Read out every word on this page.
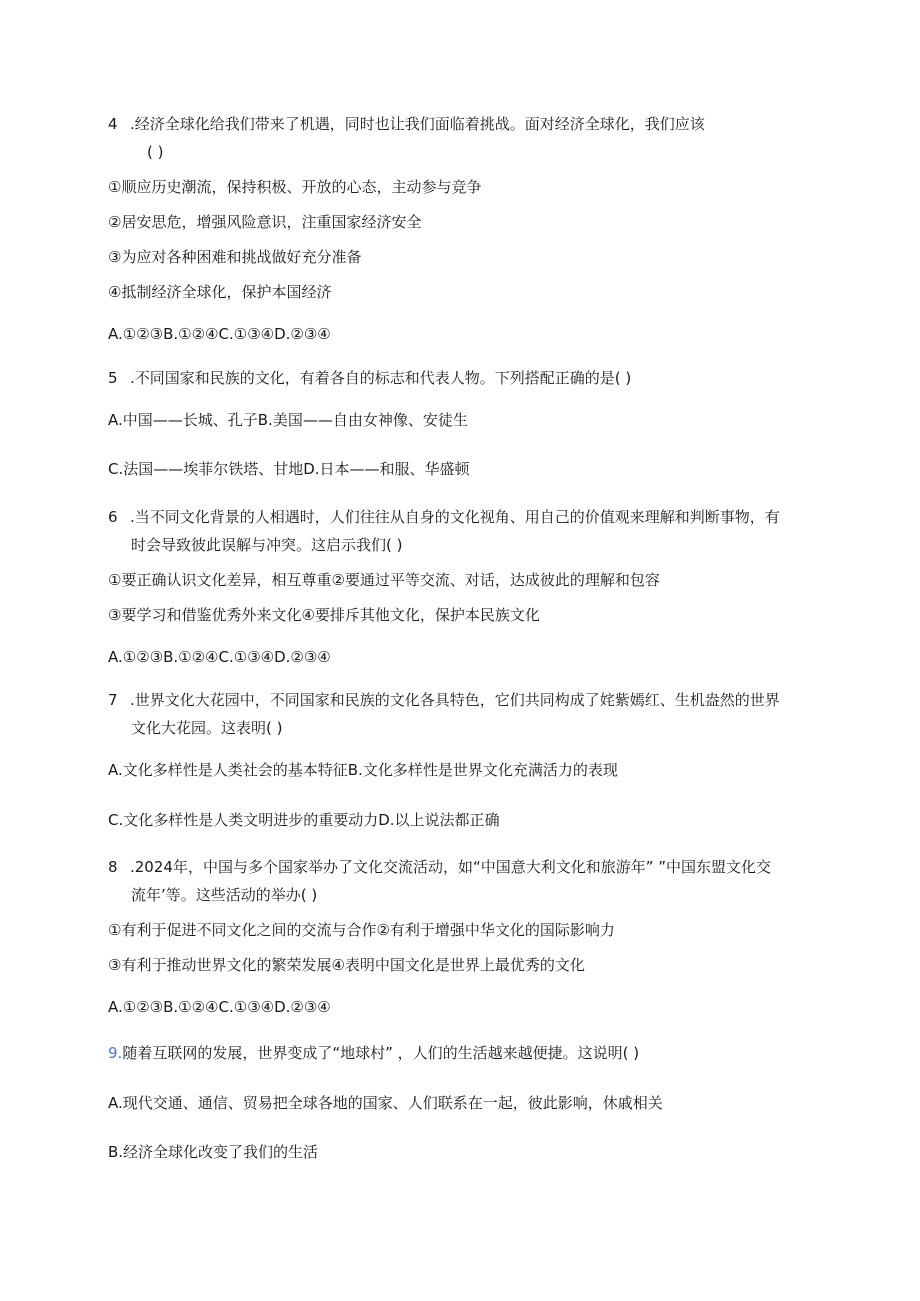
4 .经济全球化给我们带来了机遇，同时也让我们面临着挑战。面对经济全球化，我们应该
( )
①顺应历史潮流，保持积极、开放的心态，主动参与竞争
②居安思危，增强风险意识，注重国家经济安全
③为应对各种困难和挑战做好充分准备
④抵制经济全球化，保护本国经济
A.①②③B.①②④C.①③④D.②③④
5 .不同国家和民族的文化，有着各自的标志和代表人物。下列搭配正确的是( )
A.中国——长城、孔子B.美国——自由女神像、安徒生
C.法国——埃菲尔铁塔、甘地D.日本——和服、华盛顿
6 .当不同文化背景的人相遇时，人们往往从自身的文化视角、用自己的价值观来理解和判断事物，有
时会导致彼此误解与冲突。这启示我们( )
①要正确认识文化差异，相互尊重②要通过平等交流、对话，达成彼此的理解和包容
③要学习和借鉴优秀外来文化④要排斥其他文化，保护本民族文化
A.①②③B.①②④C.①③④D.②③④
7 .世界文化大花园中，不同国家和民族的文化各具特色，它们共同构成了姹紫嫣红、生机盎然的世界
文化大花园。这表明( )
A.文化多样性是人类社会的基本特征B.文化多样性是世界文化充满活力的表现
C.文化多样性是人类文明进步的重要动力D.以上说法都正确
8 .2024年，中国与多个国家举办了文化交流活动，如“中国意大利文化和旅游年” ”中国东盟文化交
流年’等。这些活动的举办( )
①有利于促进不同文化之间的交流与合作②有利于增强中华文化的国际影响力
③有利于推动世界文化的繁荣发展④表明中国文化是世界上最优秀的文化
A.①②③B.①②④C.①③④D.②③④
9.随着互联网的发展，世界变成了“地球村” ，人们的生活越来越便捷。这说明( )
A.现代交通、通信、贸易把全球各地的国家、人们联系在一起，彼此影响，休戚相关
B.经济全球化改变了我们的生活
